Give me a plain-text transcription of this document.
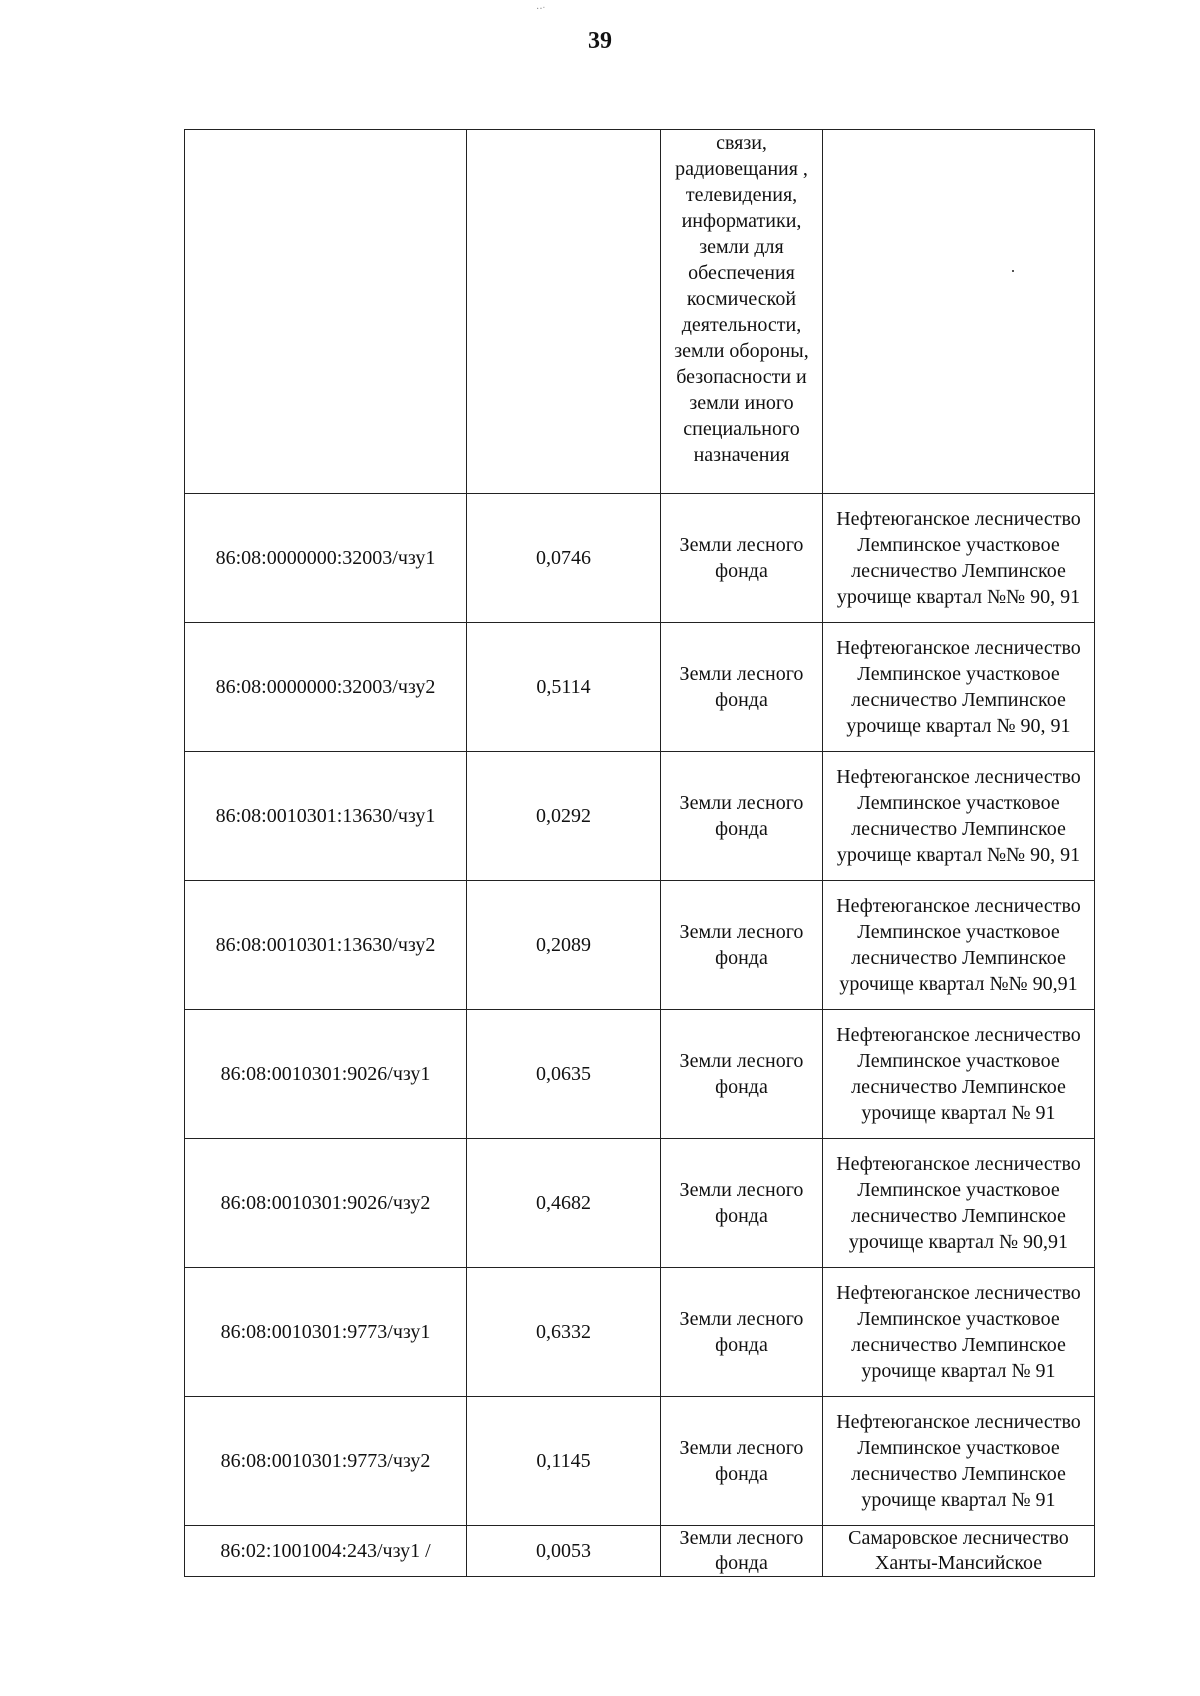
·‧ˑ
39
		связи, радиовещания , телевидения, информатики, земли для обеспечения космической деятельности, земли обороны, безопасности и земли иного специального назначения	
86:08:0000000:32003/чзу1	0,0746	Земли лесного фонда	Нефтеюганское лесничество Лемпинское участковое лесничество Лемпинское урочище квартал №№ 90, 91
86:08:0000000:32003/чзу2	0,5114	Земли лесного фонда	Нефтеюганское лесничество Лемпинское участковое лесничество Лемпинское урочище квартал № 90, 91
86:08:0010301:13630/чзу1	0,0292	Земли лесного фонда	Нефтеюганское лесничество Лемпинское участковое лесничество Лемпинское урочище квартал №№ 90, 91
86:08:0010301:13630/чзу2	0,2089	Земли лесного фонда	Нефтеюганское лесничество Лемпинское участковое лесничество Лемпинское урочище квартал №№ 90,91
86:08:0010301:9026/чзу1	0,0635	Земли лесного фонда	Нефтеюганское лесничество Лемпинское участковое лесничество Лемпинское урочище квартал № 91
86:08:0010301:9026/чзу2	0,4682	Земли лесного фонда	Нефтеюганское лесничество Лемпинское участковое лесничество Лемпинское урочище квартал № 90,91
86:08:0010301:9773/чзу1	0,6332	Земли лесного фонда	Нефтеюганское лесничество Лемпинское участковое лесничество Лемпинское урочище квартал № 91
86:08:0010301:9773/чзу2	0,1145	Земли лесного фонда	Нефтеюганское лесничество Лемпинское участковое лесничество Лемпинское урочище квартал № 91
86:02:1001004:243/чзу1 /	0,0053	Земли лесного фонда	Самаровское лесничество Ханты-Мансийское
